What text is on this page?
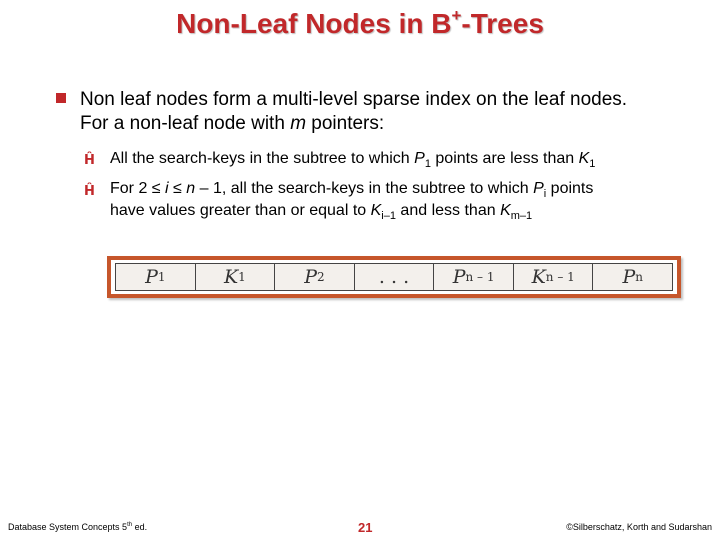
Non-Leaf Nodes in B+-Trees
Non leaf nodes form a multi-level sparse index on the leaf nodes.
For a non-leaf node with m pointers:
Ĥ All the search-keys in the subtree to which $P_1$ points are less than $K_1$
Ĥ For 2 ≤ i ≤ n – 1, all the search-keys in the subtree to which $P_i$ points
have values greater than or equal to $K_{i-1}$ and less than $K_{m-1}$
P 1	K 1	P 2	. . . P n – 1 K n – 1	P n
Database System Concepts 5th ed.	21	©Silberschatz, Korth and Sudarshan
